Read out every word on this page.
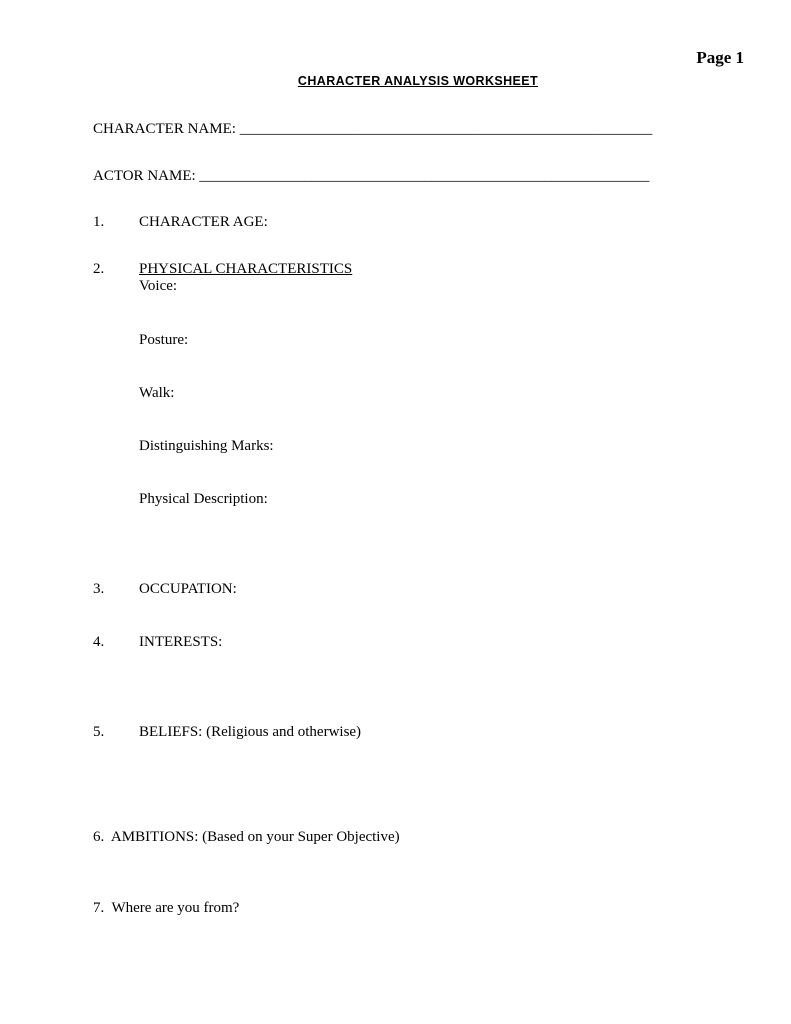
Page 1
CHARACTER ANALYSIS WORKSHEET
CHARACTER NAME: _______________________________________________________
ACTOR NAME: ____________________________________________________________
1. CHARACTER AGE:
2. PHYSICAL CHARACTERISTICS
Voice:
Posture:
Walk:
Distinguishing Marks:
Physical Description:
3. OCCUPATION:
4. INTERESTS:
5. BELIEFS: (Religious and otherwise)
6.  AMBITIONS: (Based on your Super Objective)
7.  Where are you from?
